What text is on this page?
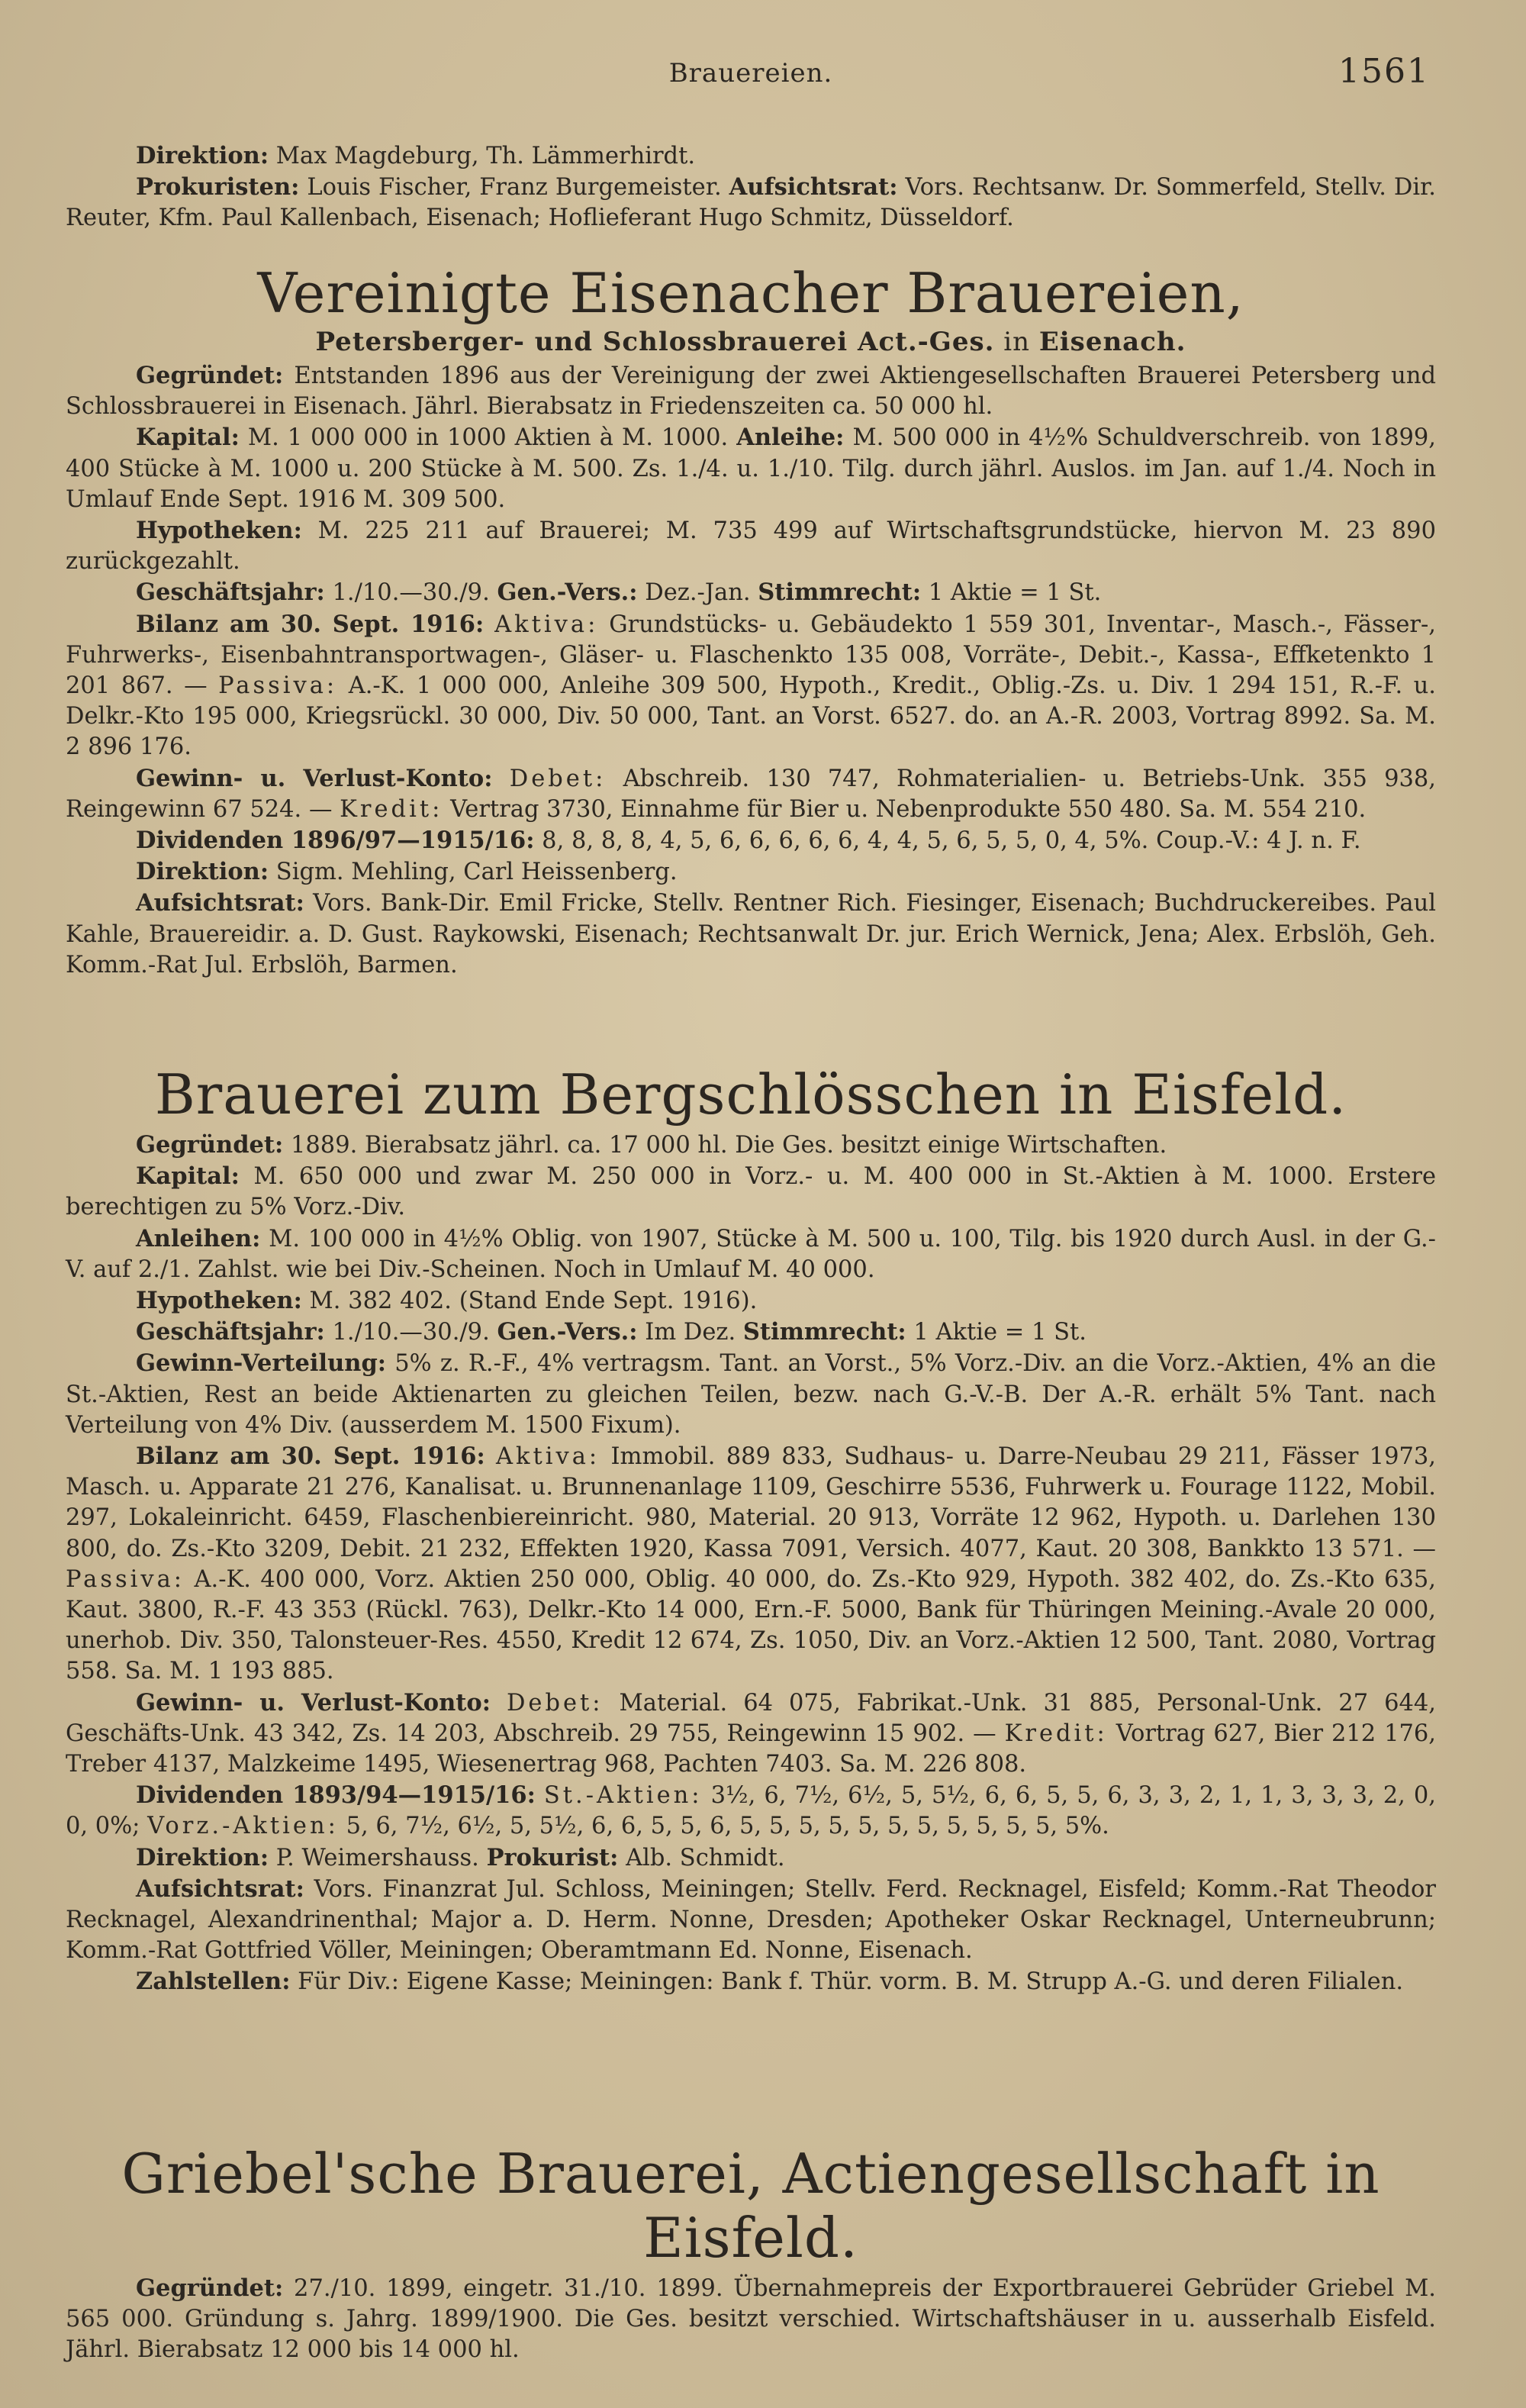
Brauereien.	1561

Direktion: Max Magdeburg, Th. Lämmerhirdt.

Prokuristen: Louis Fischer, Franz Burgemeister. Aufsichtsrat: Vors. Rechtsanw. Dr. Sommerfeld, Stellv. Dir. Reuter, Kfm. Paul Kallenbach, Eisenach; Hoflieferant Hugo Schmitz, Düsseldorf.

Vereinigte Eisenacher Brauereien,
Petersberger- und Schlossbrauerei Act.-Ges. in Eisenach.

Gegründet: Entstanden 1896 aus der Vereinigung der zwei Aktiengesellschaften Brauerei Petersberg und Schlossbrauerei in Eisenach. Jährl. Bierabsatz in Friedenszeiten ca. 50 000 hl.

Kapital: M. 1 000 000 in 1000 Aktien à M. 1000. Anleihe: M. 500 000 in 4½% Schuldverschreib. von 1899, 400 Stücke à M. 1000 u. 200 Stücke à M. 500. Zs. 1./4. u. 1./10. Tilg. durch jährl. Auslos. im Jan. auf 1./4. Noch in Umlauf Ende Sept. 1916 M. 309 500.

Hypotheken: M. 225 211 auf Brauerei; M. 735 499 auf Wirtschaftsgrundstücke, hiervon M. 23 890 zurückgezahlt.

Geschäftsjahr: 1./10.—30./9. Gen.-Vers.: Dez.-Jan. Stimmrecht: 1 Aktie = 1 St.

Bilanz am 30. Sept. 1916: Aktiva: Grundstücks- u. Gebäudekto 1 559 301, Inventar-, Masch.-, Fässer-, Fuhrwerks-, Eisenbahntransportwagen-, Gläser- u. Flaschenkto 135 008, Vorräte-, Debit.-, Kassa-, Effketenkto 1 201 867. — Passiva: A.-K. 1 000 000, Anleihe 309 500, Hypoth., Kredit., Oblig.-Zs. u. Div. 1 294 151, R.-F. u. Delkr.-Kto 195 000, Kriegsrückl. 30 000, Div. 50 000, Tant. an Vorst. 6527. do. an A.-R. 2003, Vortrag 8992. Sa. M. 2 896 176.

Gewinn- u. Verlust-Konto: Debet: Abschreib. 130 747, Rohmaterialien- u. Betriebs-Unk. 355 938, Reingewinn 67 524. — Kredit: Vertrag 3730, Einnahme für Bier u. Nebenprodukte 550 480. Sa. M. 554 210.

Dividenden 1896/97—1915/16: 8, 8, 8, 8, 4, 5, 6, 6, 6, 6, 6, 4, 4, 5, 6, 5, 5, 0, 4, 5%. Coup.-V.: 4 J. n. F.

Direktion: Sigm. Mehling, Carl Heissenberg.

Aufsichtsrat: Vors. Bank-Dir. Emil Fricke, Stellv. Rentner Rich. Fiesinger, Eisenach; Buchdruckereibes. Paul Kahle, Brauereidir. a. D. Gust. Raykowski, Eisenach; Rechtsanwalt Dr. jur. Erich Wernick, Jena; Alex. Erbslöh, Geh. Komm.-Rat Jul. Erbslöh, Barmen.

Brauerei zum Bergschlösschen in Eisfeld.

Gegründet: 1889. Bierabsatz jährl. ca. 17 000 hl. Die Ges. besitzt einige Wirtschaften.

Kapital: M. 650 000 und zwar M. 250 000 in Vorz.- u. M. 400 000 in St.-Aktien à M. 1000. Erstere berechtigen zu 5% Vorz.-Div.

Anleihen: M. 100 000 in 4½% Oblig. von 1907, Stücke à M. 500 u. 100, Tilg. bis 1920 durch Ausl. in der G.-V. auf 2./1. Zahlst. wie bei Div.-Scheinen. Noch in Umlauf M. 40 000.

Hypotheken: M. 382 402. (Stand Ende Sept. 1916).

Geschäftsjahr: 1./10.—30./9. Gen.-Vers.: Im Dez. Stimmrecht: 1 Aktie = 1 St.

Gewinn-Verteilung: 5% z. R.-F., 4% vertragsm. Tant. an Vorst., 5% Vorz.-Div. an die Vorz.-Aktien, 4% an die St.-Aktien, Rest an beide Aktienarten zu gleichen Teilen, bezw. nach G.-V.-B. Der A.-R. erhält 5% Tant. nach Verteilung von 4% Div. (ausserdem M. 1500 Fixum).

Bilanz am 30. Sept. 1916: Aktiva: Immobil. 889 833, Sudhaus- u. Darre-Neubau 29 211, Fässer 1973, Masch. u. Apparate 21 276, Kanalisat. u. Brunnenanlage 1109, Geschirre 5536, Fuhrwerk u. Fourage 1122, Mobil. 297, Lokaleinricht. 6459, Flaschenbiereinricht. 980, Material. 20 913, Vorräte 12 962, Hypoth. u. Darlehen 130 800, do. Zs.-Kto 3209, Debit. 21 232, Effekten 1920, Kassa 7091, Versich. 4077, Kaut. 20 308, Bankkto 13 571. — Passiva: A.-K. 400 000, Vorz. Aktien 250 000, Oblig. 40 000, do. Zs.-Kto 929, Hypoth. 382 402, do. Zs.-Kto 635, Kaut. 3800, R.-F. 43 353 (Rückl. 763), Delkr.-Kto 14 000, Ern.-F. 5000, Bank für Thüringen Meining.-Avale 20 000, unerhob. Div. 350, Talonsteuer-Res. 4550, Kredit 12 674, Zs. 1050, Div. an Vorz.-Aktien 12 500, Tant. 2080, Vortrag 558. Sa. M. 1 193 885.

Gewinn- u. Verlust-Konto: Debet: Material. 64 075, Fabrikat.-Unk. 31 885, Personal-Unk. 27 644, Geschäfts-Unk. 43 342, Zs. 14 203, Abschreib. 29 755, Reingewinn 15 902. — Kredit: Vortrag 627, Bier 212 176, Treber 4137, Malzkeime 1495, Wiesenertrag 968, Pachten 7403. Sa. M. 226 808.

Dividenden 1893/94—1915/16: St.-Aktien: 3½, 6, 7½, 6½, 5, 5½, 6, 6, 5, 5, 6, 3, 3, 2, 1, 1, 3, 3, 3, 2, 0, 0, 0%; Vorz.-Aktien: 5, 6, 7½, 6½, 5, 5½, 6, 6, 5, 5, 6, 5, 5, 5, 5, 5, 5, 5, 5, 5, 5, 5, 5%.

Direktion: P. Weimershauss. Prokurist: Alb. Schmidt.

Aufsichtsrat: Vors. Finanzrat Jul. Schloss, Meiningen; Stellv. Ferd. Recknagel, Eisfeld; Komm.-Rat Theodor Recknagel, Alexandrinenthal; Major a. D. Herm. Nonne, Dresden; Apotheker Oskar Recknagel, Unterneubrunn; Komm.-Rat Gottfried Völler, Meiningen; Oberamtmann Ed. Nonne, Eisenach.

Zahlstellen: Für Div.: Eigene Kasse; Meiningen: Bank f. Thür. vorm. B. M. Strupp A.-G. und deren Filialen.

Griebel'sche Brauerei, Actiengesellschaft in Eisfeld.

Gegründet: 27./10. 1899, eingetr. 31./10. 1899. Übernahmepreis der Exportbrauerei Gebrüder Griebel M. 565 000. Gründung s. Jahrg. 1899/1900. Die Ges. besitzt verschied. Wirtschaftshäuser in u. ausserhalb Eisfeld. Jährl. Bierabsatz 12 000 bis 14 000 hl.
